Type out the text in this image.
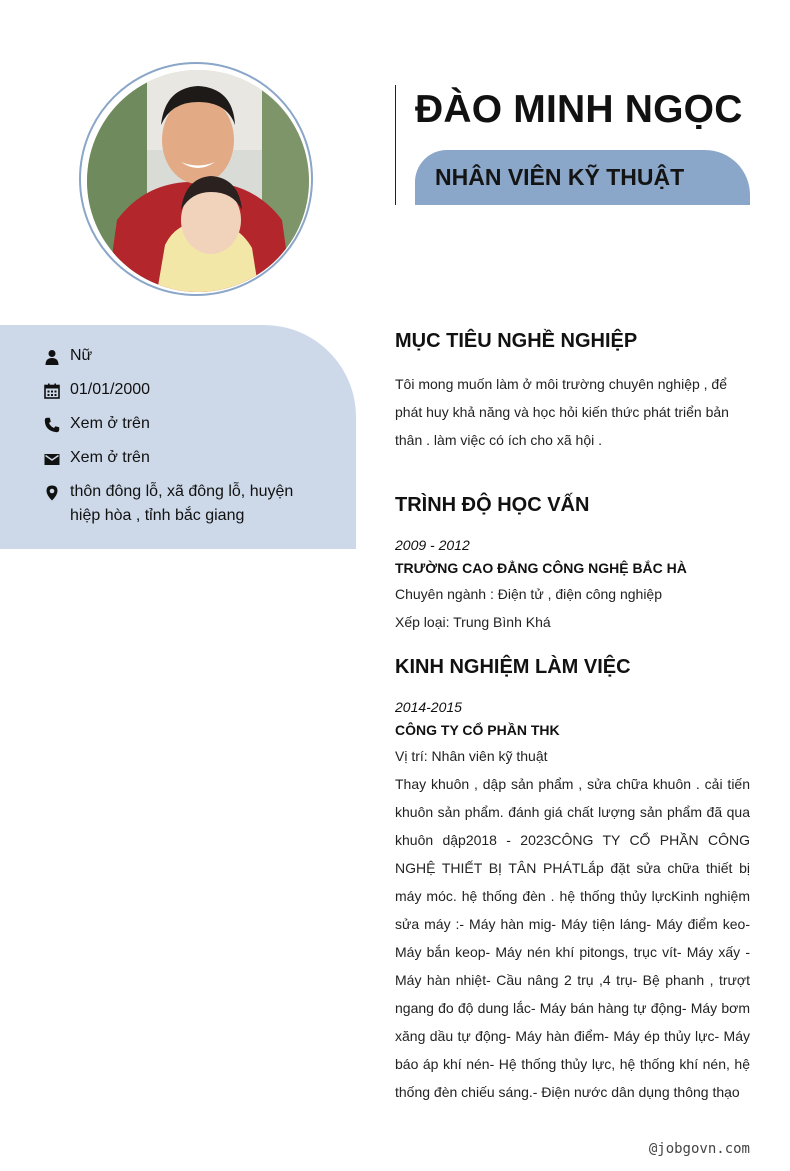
ĐÀO MINH NGỌC
NHÂN VIÊN KỸ THUẬT
Nữ
01/01/2000
Xem ở trên
Xem ở trên
thôn đông lỗ, xã đông lỗ, huyện hiệp hòa , tỉnh bắc giang
MỤC TIÊU NGHỀ NGHIỆP
Tôi mong muốn làm ở môi trường chuyên nghiệp , để phát huy khả năng và học hỏi kiến thức phát triển bản thân . làm việc có ích cho xã hội .
TRÌNH ĐỘ HỌC VẤN
2009 - 2012
TRƯỜNG CAO ĐẲNG CÔNG NGHỆ BẮC HÀ
Chuyên ngành : Điện tử , điện công nghiệp
Xếp loại: Trung Bình Khá
KINH NGHIỆM LÀM VIỆC
2014-2015
CÔNG TY CỔ PHẦN THK
Vị trí: Nhân viên kỹ thuật
Thay khuôn , dập sản phẩm , sửa chữa khuôn . cải tiến khuôn sản phẩm. đánh giá chất lượng sản phẩm đã qua khuôn dập2018 - 2023CÔNG TY CỔ PHẦN CÔNG NGHỆ THIẾT BỊ TÂN PHÁTLắp đặt sửa chữa thiết bị máy móc. hệ thống đèn . hệ thống thủy lựcKinh nghiệm sửa máy :- Máy hàn mig- Máy tiện láng- Máy điểm keo- Máy bắn keop- Máy nén khí pitongs, trục vít- Máy xấy - Máy hàn nhiệt- Cầu nâng 2 trụ ,4 trụ- Bệ phanh , trượt ngang đo độ dung lắc- Máy bán hàng tự động- Máy bơm xăng dầu tự động- Máy hàn điểm- Máy ép thủy lực- Máy báo áp khí nén- Hệ thống thủy lực, hệ thống khí nén, hệ thống đèn chiếu sáng.- Điện nước dân dụng thông thạo
@jobgovn.com
